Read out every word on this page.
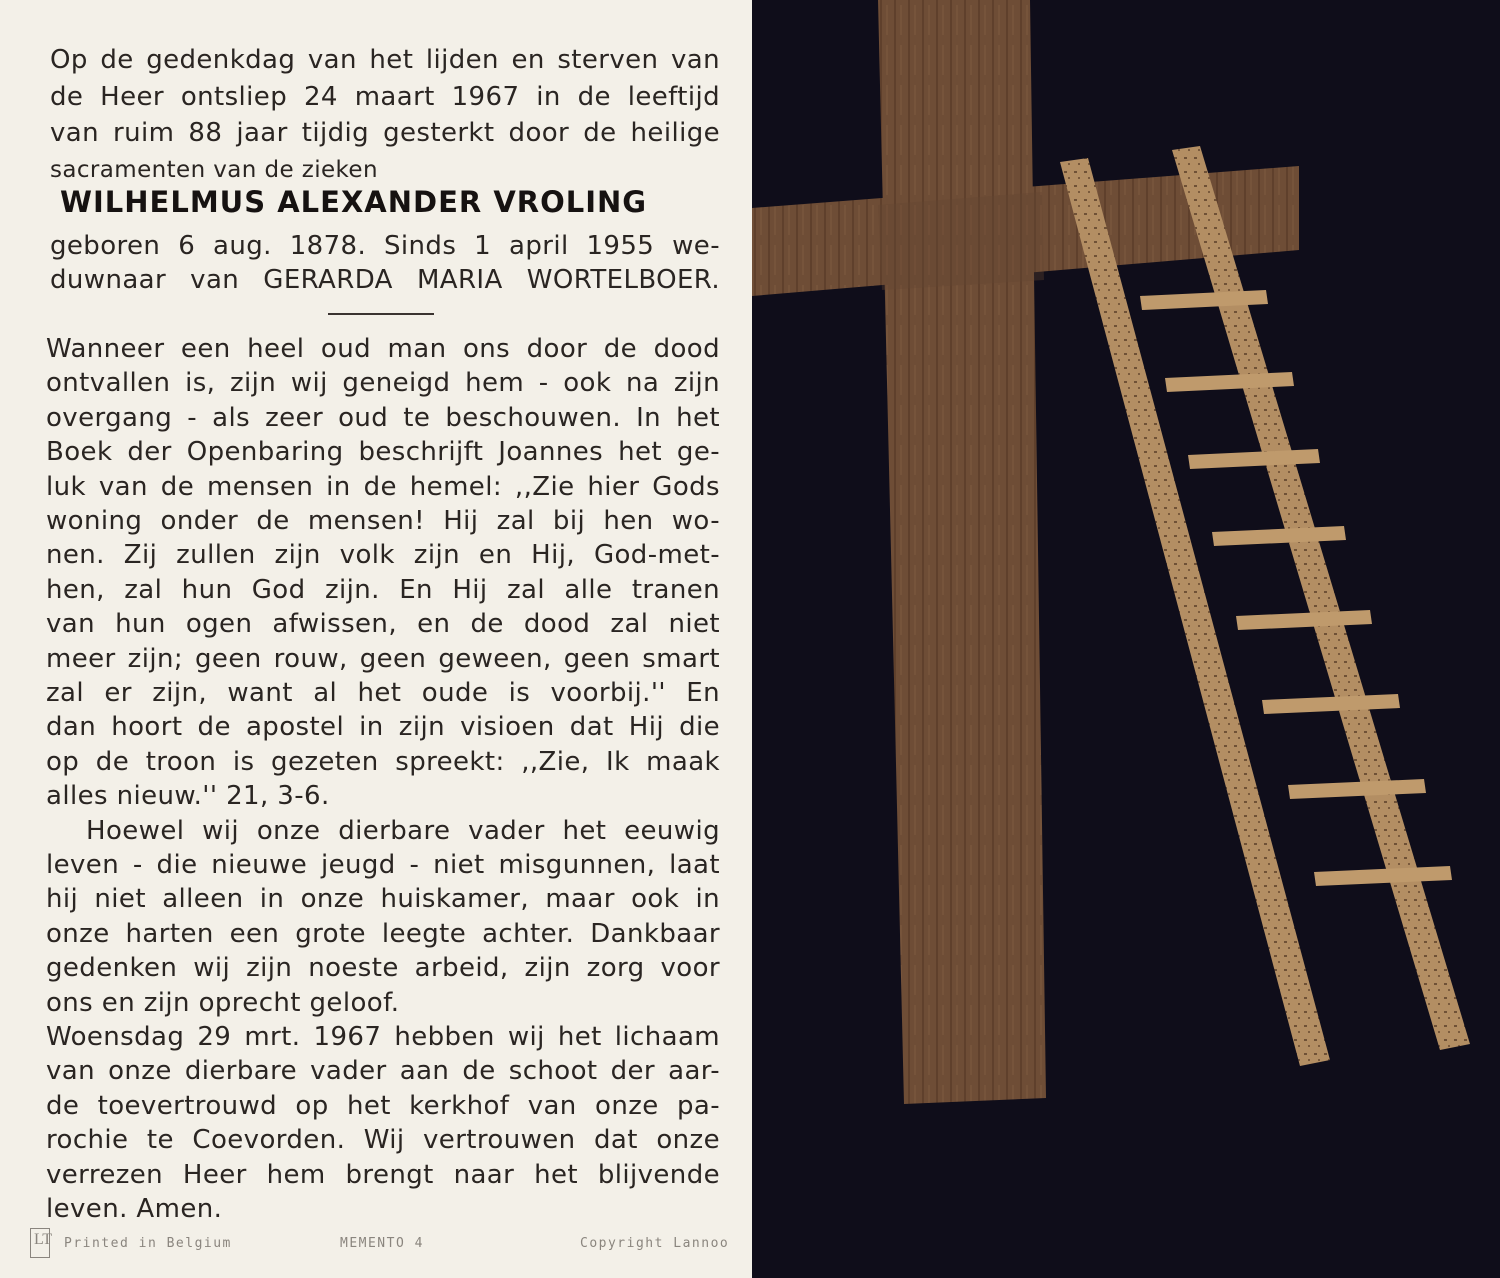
Op de gedenkdag van het lijden en sterven van
de Heer ontsliep 24 maart 1967 in de leeftijd
van ruim 88 jaar tijdig gesterkt door de heilige
sacramenten van de zieken
WILHELMUS ALEXANDER VROLING
geboren 6 aug. 1878. Sinds 1 april 1955 we-
duwnaar van GERARDA MARIA WORTELBOER.
Wanneer een heel oud man ons door de dood
ontvallen is, zijn wij geneigd hem - ook na zijn
overgang - als zeer oud te beschouwen. In het
Boek der Openbaring beschrijft Joannes het ge-
luk van de mensen in de hemel: ,,Zie hier Gods
woning onder de mensen! Hij zal bij hen wo-
nen. Zij zullen zijn volk zijn en Hij, God-met-
hen, zal hun God zijn. En Hij zal alle tranen
van hun ogen afwissen, en de dood zal niet
meer zijn; geen rouw, geen geween, geen smart
zal er zijn, want al het oude is voorbij.'' En
dan hoort de apostel in zijn visioen dat Hij die
op de troon is gezeten spreekt: ,,Zie, Ik maak
alles nieuw.'' 21, 3-6.
Hoewel wij onze dierbare vader het eeuwig
leven - die nieuwe jeugd - niet misgunnen, laat
hij niet alleen in onze huiskamer, maar ook in
onze harten een grote leegte achter. Dankbaar
gedenken wij zijn noeste arbeid, zijn zorg voor
ons en zijn oprecht geloof.
Woensdag 29 mrt. 1967 hebben wij het lichaam
van onze dierbare vader aan de schoot der aar-
de toevertrouwd op het kerkhof van onze pa-
rochie te Coevorden. Wij vertrouwen dat onze
verrezen Heer hem brengt naar het blijvende
leven. Amen.
LT Printed in Belgium	MEMENTO 4	Copyright Lannoo
